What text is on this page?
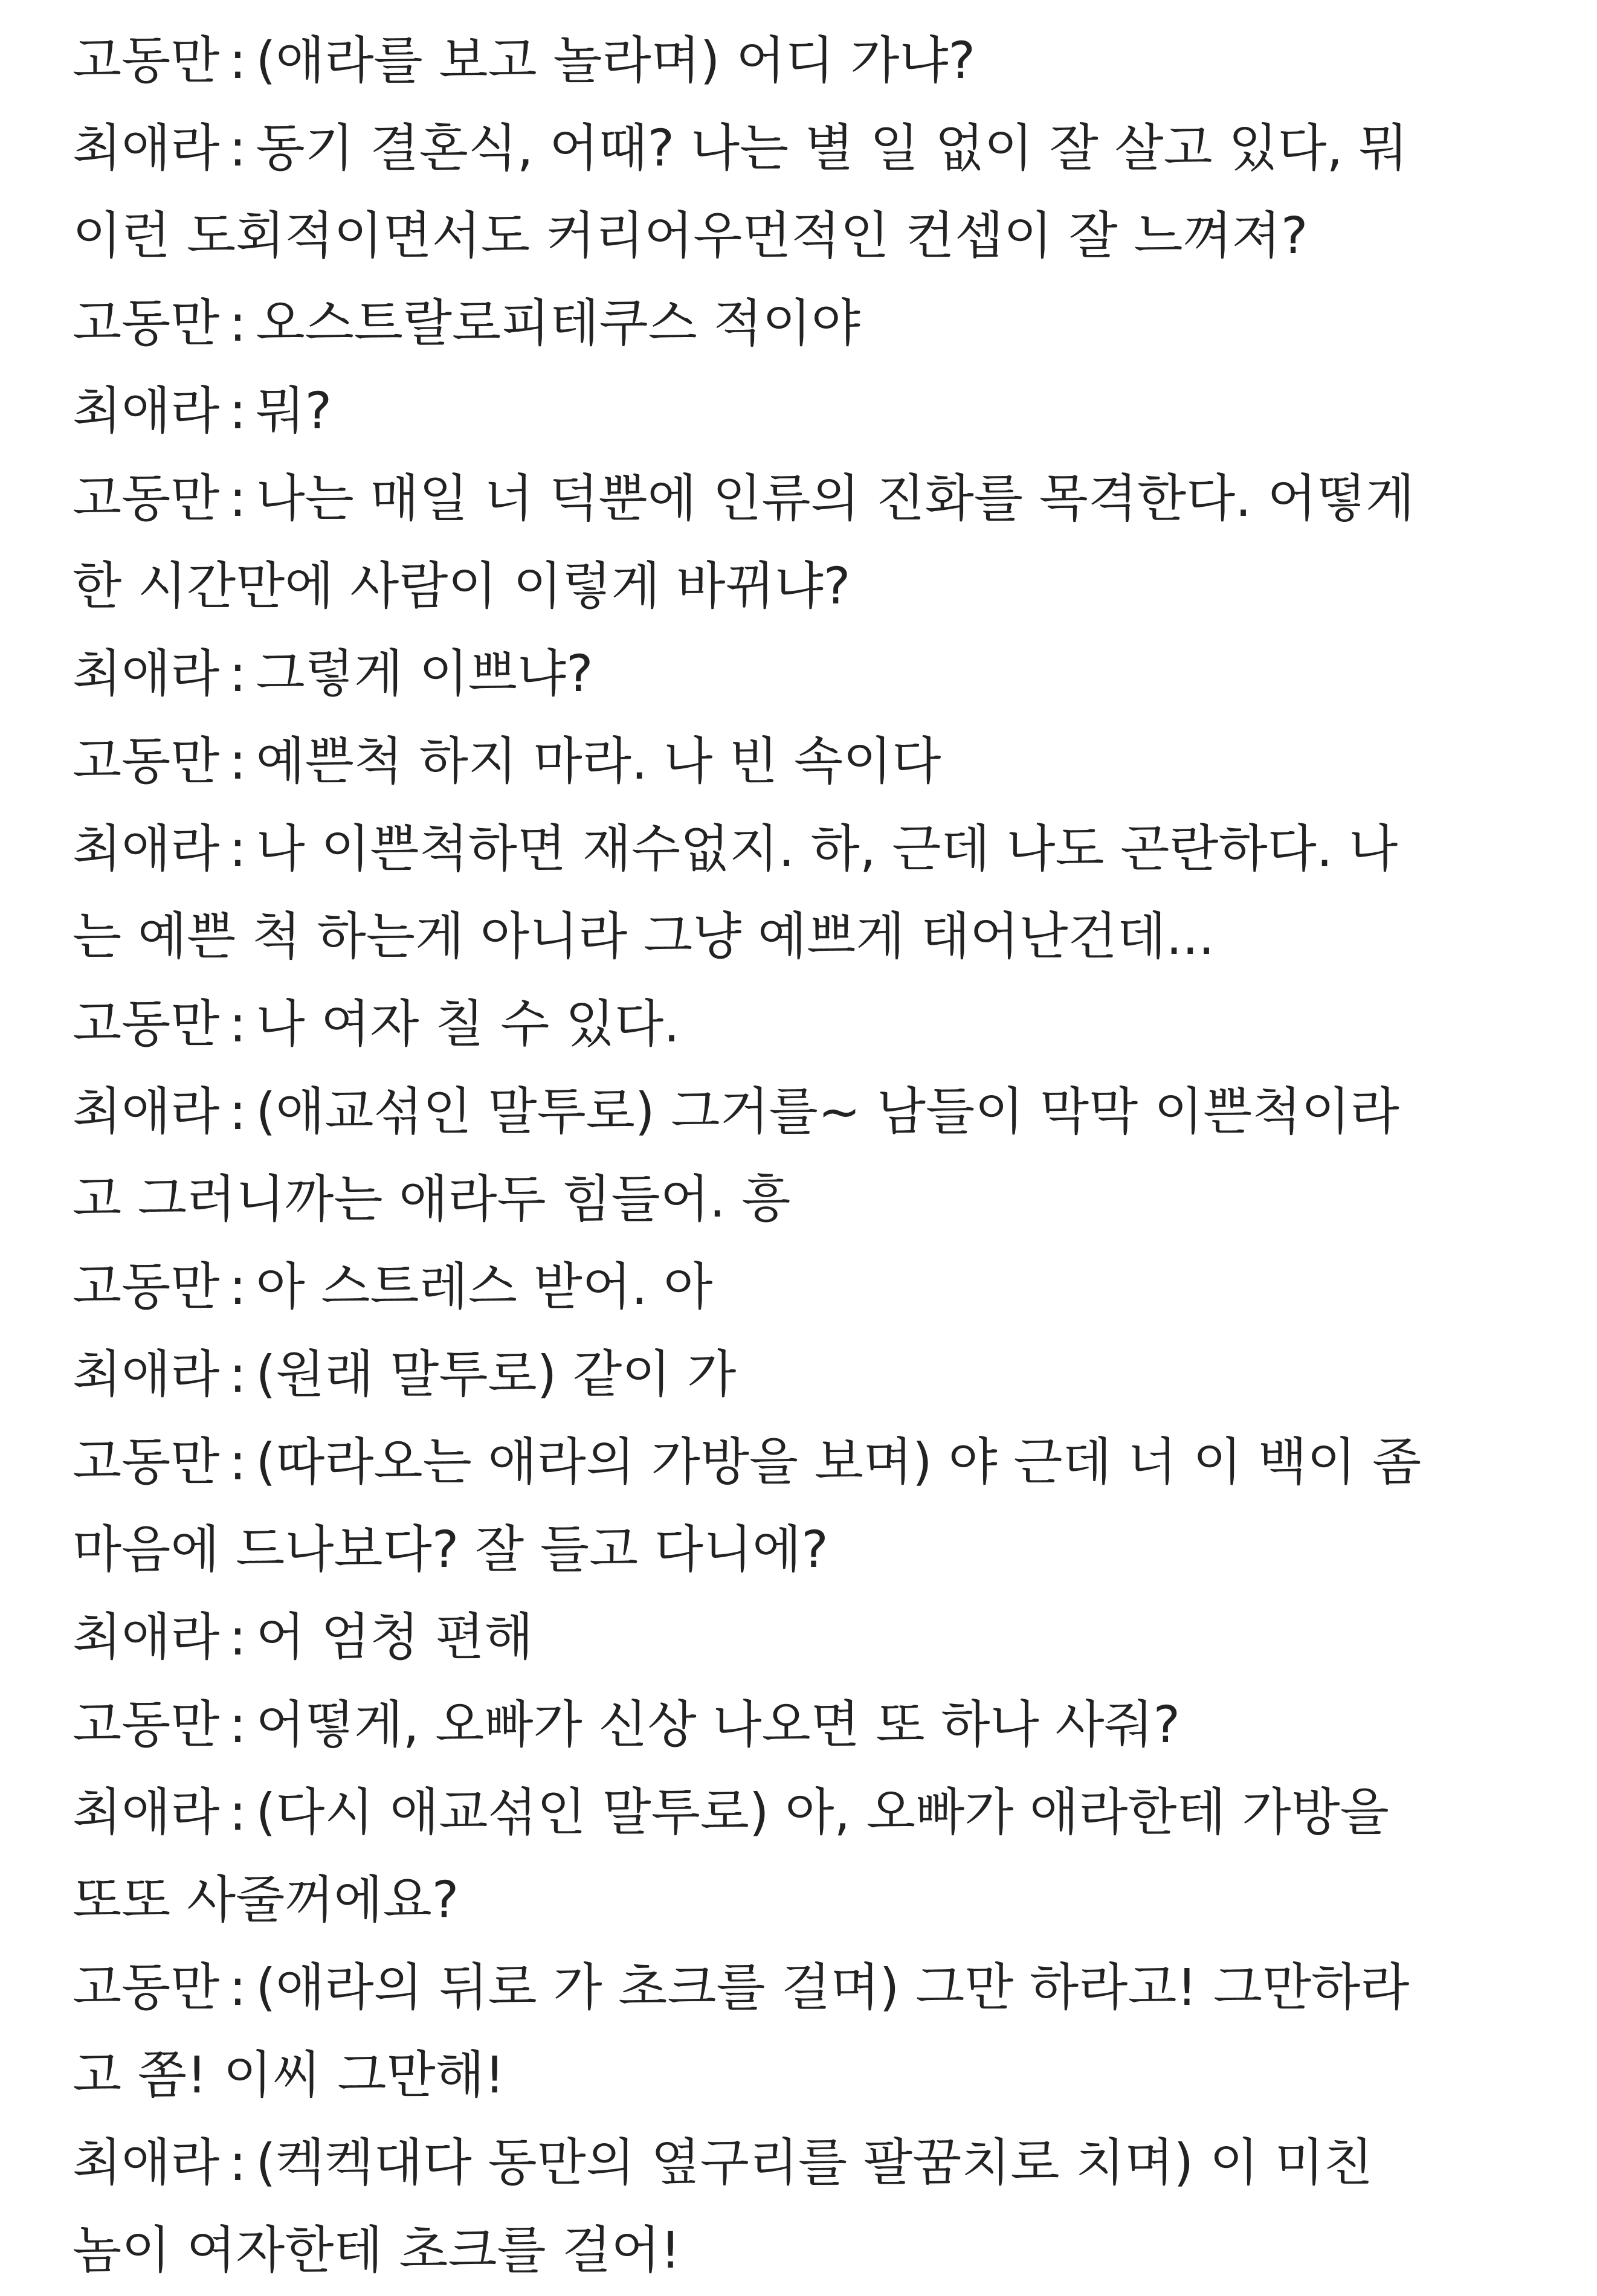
고동만 : (애라를 보고 놀라며) 어디 가냐?
최애라 : 동기 결혼식, 어때? 나는 별 일 없이 잘 살고 있다, 뭐
이런 도회적이면서도 커리어우먼적인 컨셉이 잘 느껴져?
고동만 : 오스트랄로피테쿠스 적이야
최애라 : 뭐?
고동만 : 나는 매일 너 덕뿐에 인류의 진화를 목격한다. 어떻게
한 시간만에 사람이 이렇게 바뀌냐?
최애라 : 그렇게 이쁘냐?
고동만 : 예쁜척 하지 마라. 나 빈 속이다
최애라 : 나 이쁜척하면 재수없지. 하, 근데 나도 곤란하다. 나
는 예쁜 척 하는게 아니라 그냥 예쁘게 태어난건데...
고동만 : 나 여자 칠 수 있다.
최애라 : (애교섞인 말투로) 그거를~ 남들이 막막 이쁜척이라
고 그러니까는 애라두 힘들어. 흥
고동만 : 아 스트레스 받어. 아
최애라 : (원래 말투로) 같이 가
고동만 : (따라오는 애라의 가방을 보며) 야 근데 너 이 백이 좀
마음에 드나보다? 잘 들고 다니에?
최애라 : 어 엄청 편해
고동만 : 어떻게, 오빠가 신상 나오면 또 하나 사줘?
최애라 : (다시 애교섞인 말투로) 아, 오빠가 애라한테 가방을
또또 사줄꺼에요?
고동만 : (애라의 뒤로 가 초크를 걸며) 그만 하라고! 그만하라
고 쫌! 이씨 그만해!
최애라 : (켁켁대다 동만의 옆구리를 팔꿈치로 치며) 이 미친
놈이 여자한테 초크를 걸어!
